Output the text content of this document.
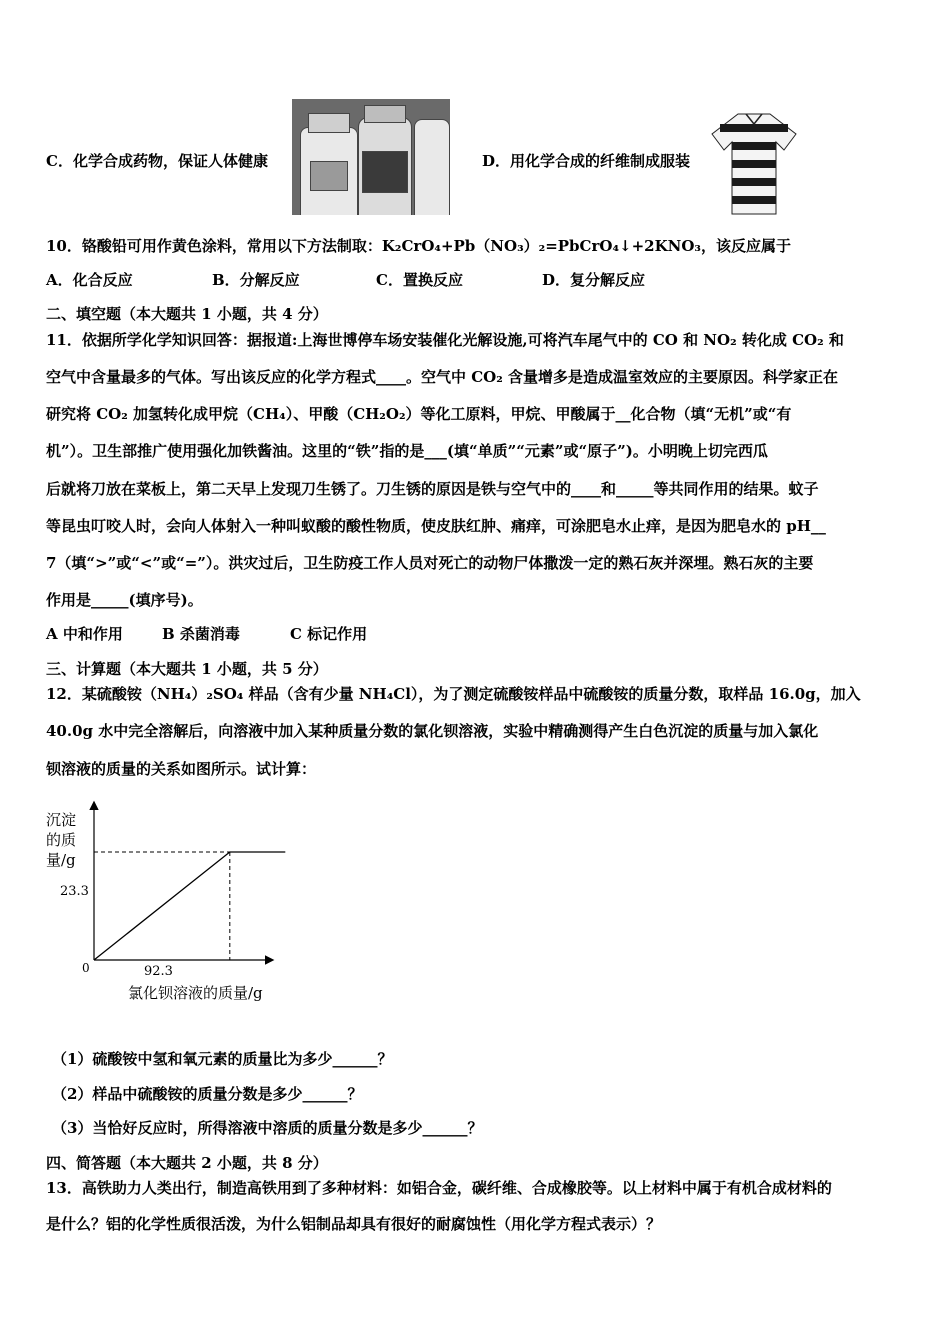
C．化学合成药物，保证人体健康	D．用化学合成的纤维制成服装
10．铬酸铅可用作黄色涂料，常用以下方法制取：K₂CrO₄+Pb（NO₃）₂=PbCrO₄↓+2KNO₃，该反应属于
A．化合反应	B．分解反应	C．置换反应	D．复分解反应
二、填空题（本大题共 1 小题，共 4 分）
11．依据所学化学知识回答：据报道:上海世博停车场安装催化光解设施,可将汽车尾气中的 CO 和 NO₂ 转化成 CO₂ 和
空气中含量最多的气体。写出该反应的化学方程式____。空气中 CO₂ 含量增多是造成温室效应的主要原因。科学家正在
研究将 CO₂ 加氢转化成甲烷（CH₄）、甲酸（CH₂O₂）等化工原料，甲烷、甲酸属于__化合物（填“无机”或“有
机”）。卫生部推广使用强化加铁酱油。这里的“铁”指的是___(填“单质”“元素”或“原子”)。小明晚上切完西瓜
后就将刀放在菜板上，第二天早上发现刀生锈了。刀生锈的原因是铁与空气中的____和_____等共同作用的结果。蚊子
等昆虫叮咬人时，会向人体射入一种叫蚁酸的酸性物质，使皮肤红肿、痛痒，可涂肥皂水止痒，是因为肥皂水的 pH__
7（填“>”或“<”或“=”）。洪灾过后，卫生防疫工作人员对死亡的动物尸体撒泼一定的熟石灰并深埋。熟石灰的主要
作用是_____(填序号)。
A 中和作用	B 杀菌消毒	C 标记作用
三、计算题（本大题共 1 小题，共 5 分）
12．某硫酸铵（NH₄）₂SO₄ 样品（含有少量 NH₄Cl），为了测定硫酸铵样品中硫酸铵的质量分数，取样品 16.0g，加入
40.0g 水中完全溶解后，向溶液中加入某种质量分数的氯化钡溶液，实验中精确测得产生白色沉淀的质量与加入氯化
钡溶液的质量的关系如图所示。试计算：
沉淀
的质
量/g
23.3
0	92.3
氯化钡溶液的质量/g
（1）硫酸铵中氢和氧元素的质量比为多少______？
（2）样品中硫酸铵的质量分数是多少______？
（3）当恰好反应时，所得溶液中溶质的质量分数是多少______？
四、简答题（本大题共 2 小题，共 8 分）
13．高铁助力人类出行，制造高铁用到了多种材料：如铝合金，碳纤维、合成橡胶等。以上材料中属于有机合成材料的
是什么？铝的化学性质很活泼，为什么铝制品却具有很好的耐腐蚀性（用化学方程式表示）？
